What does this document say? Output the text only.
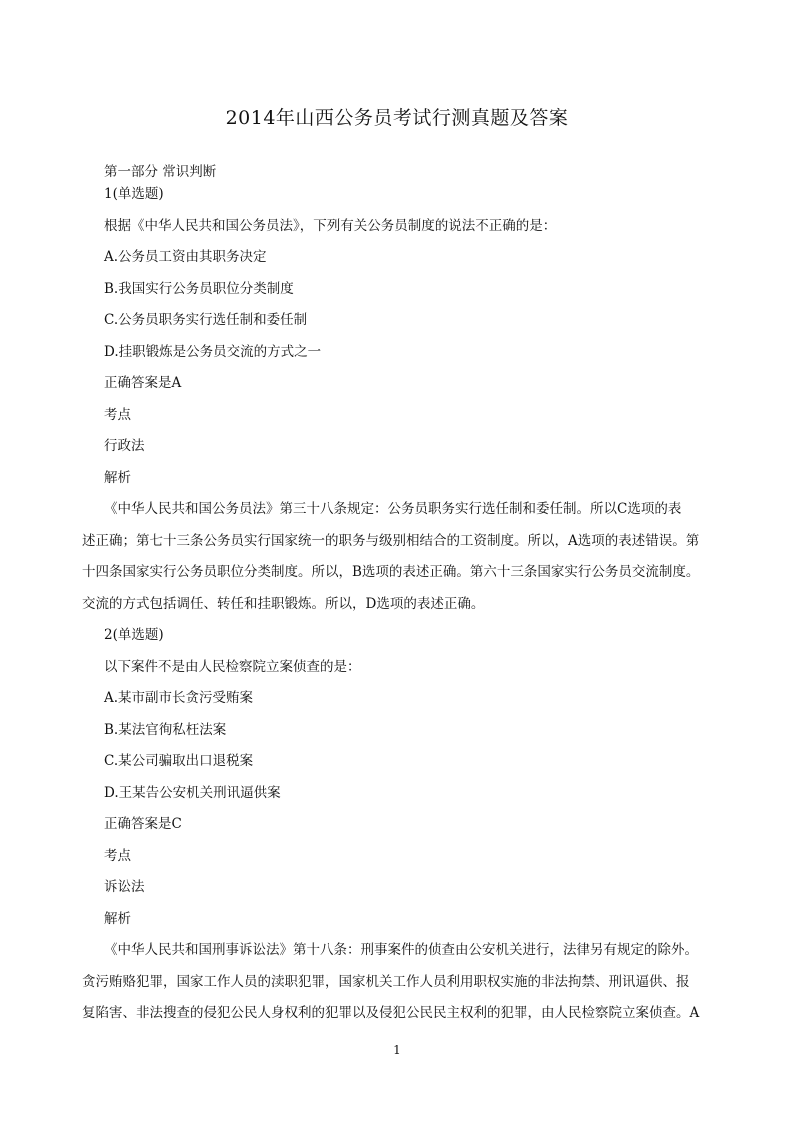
2014年山西公务员考试行测真题及答案
第一部分 常识判断
1(单选题)
根据《中华人民共和国公务员法》，下列有关公务员制度的说法不正确的是：
A.公务员工资由其职务决定
B.我国实行公务员职位分类制度
C.公务员职务实行选任制和委任制
D.挂职锻炼是公务员交流的方式之一
正确答案是A
考点
行政法
解析
《中华人民共和国公务员法》第三十八条规定：公务员职务实行选任制和委任制。所以C选项的表
述正确；第七十三条公务员实行国家统一的职务与级别相结合的工资制度。所以，A选项的表述错误。第
十四条国家实行公务员职位分类制度。所以，B选项的表述正确。第六十三条国家实行公务员交流制度。
交流的方式包括调任、转任和挂职锻炼。所以，D选项的表述正确。
2(单选题)
以下案件不是由人民检察院立案侦查的是：
A.某市副市长贪污受贿案
B.某法官徇私枉法案
C.某公司骗取出口退税案
D.王某告公安机关刑讯逼供案
正确答案是C
考点
诉讼法
解析
《中华人民共和国刑事诉讼法》第十八条：刑事案件的侦查由公安机关进行，法律另有规定的除外。
贪污贿赂犯罪，国家工作人员的渎职犯罪，国家机关工作人员利用职权实施的非法拘禁、刑讯逼供、报
复陷害、非法搜查的侵犯公民人身权利的犯罪以及侵犯公民民主权利的犯罪，由人民检察院立案侦查。A
1
